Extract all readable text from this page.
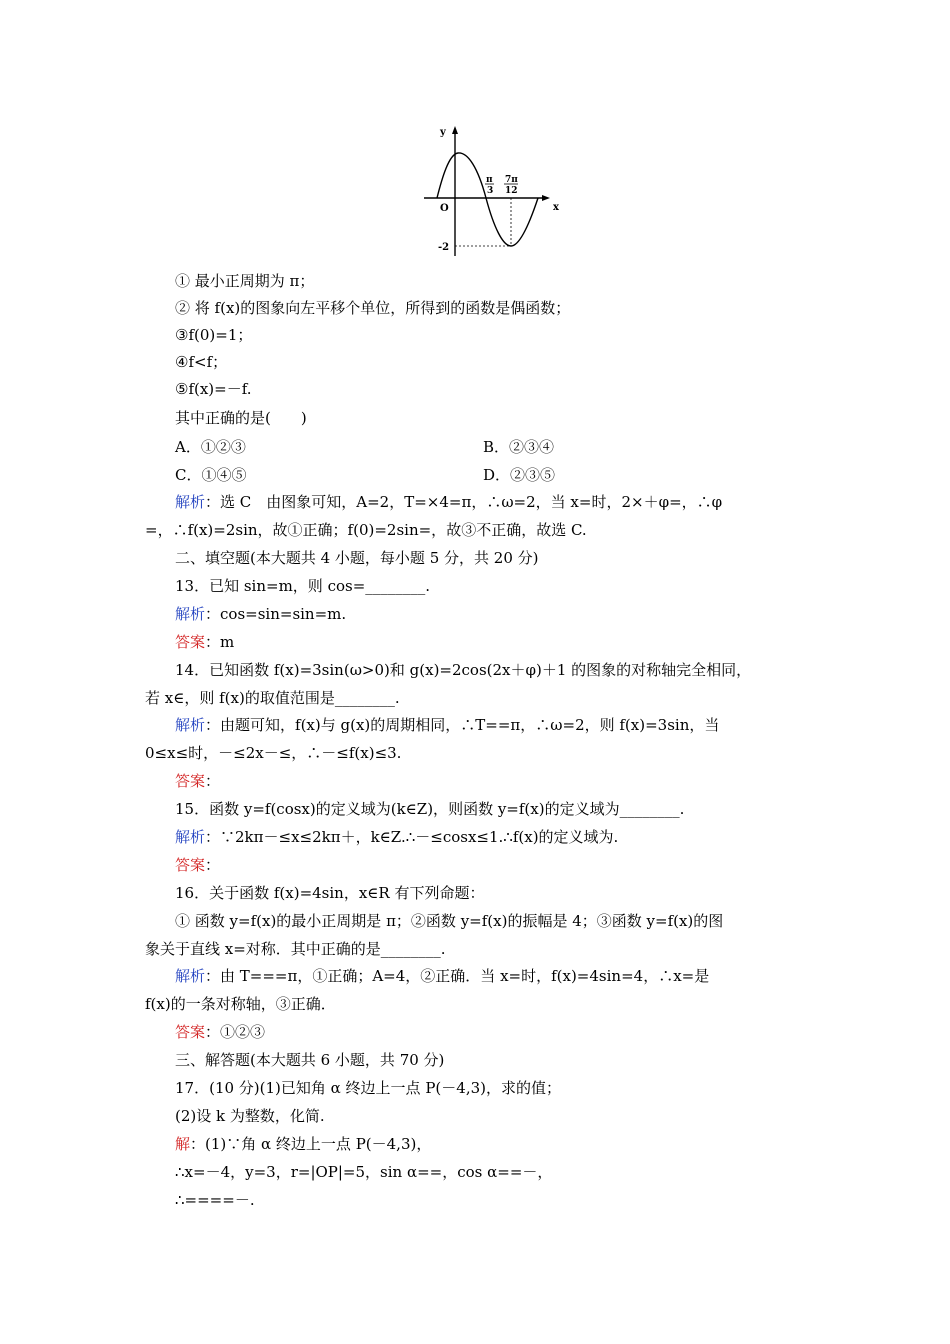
y
x
O
π
3
7π
12
-2
① 最小正周期为 π；
② 将 f(x)的图象向左平移个单位，所得到的函数是偶函数；
③f(0)=1；
④f<f；
⑤f(x)=－f.
其中正确的是(　　)
解析：选 C　由图象可知，A=2，T=×4=π，∴ω=2，当 x=时，2×＋φ=，∴φ
=，∴f(x)=2sin，故①正确；f(0)=2sin=，故③不正确，故选 C.
二、填空题(本大题共 4 小题，每小题 5 分，共 20 分)
13．已知 sin=m，则 cos=________.
解析：cos=sin=sin=m.
答案：m
14．已知函数 f(x)=3sin(ω>0)和 g(x)=2cos(2x＋φ)＋1 的图象的对称轴完全相同，
若 x∈，则 f(x)的取值范围是________.
解析：由题可知，f(x)与 g(x)的周期相同，∴T==π，∴ω=2，则 f(x)=3sin，当
0≤x≤时，－≤2x－≤，∴－≤f(x)≤3.
答案：
15．函数 y=f(cosx)的定义域为(k∈Z)，则函数 y=f(x)的定义域为________.
解析：∵2kπ－≤x≤2kπ＋，k∈Z.∴－≤cosx≤1.∴f(x)的定义域为.
答案：
16．关于函数 f(x)=4sin，x∈R 有下列命题：
① 函数 y=f(x)的最小正周期是 π；②函数 y=f(x)的振幅是 4；③函数 y=f(x)的图
象关于直线 x=对称．其中正确的是________.
解析：由 T===π，①正确；A=4，②正确．当 x=时，f(x)=4sin=4，∴x=是
f(x)的一条对称轴，③正确．
答案：①②③
三、解答题(本大题共 6 小题，共 70 分)
17．(10 分)(1)已知角 α 终边上一点 P(－4,3)，求的值；
(2)设 k 为整数，化简.
解：(1)∵角 α 终边上一点 P(－4,3)，
∴x=－4，y=3，r=|OP|=5，sin α==，cos α==－，
∴====－.
A．①②③	B．②③④
C．①④⑤	D．②③⑤
